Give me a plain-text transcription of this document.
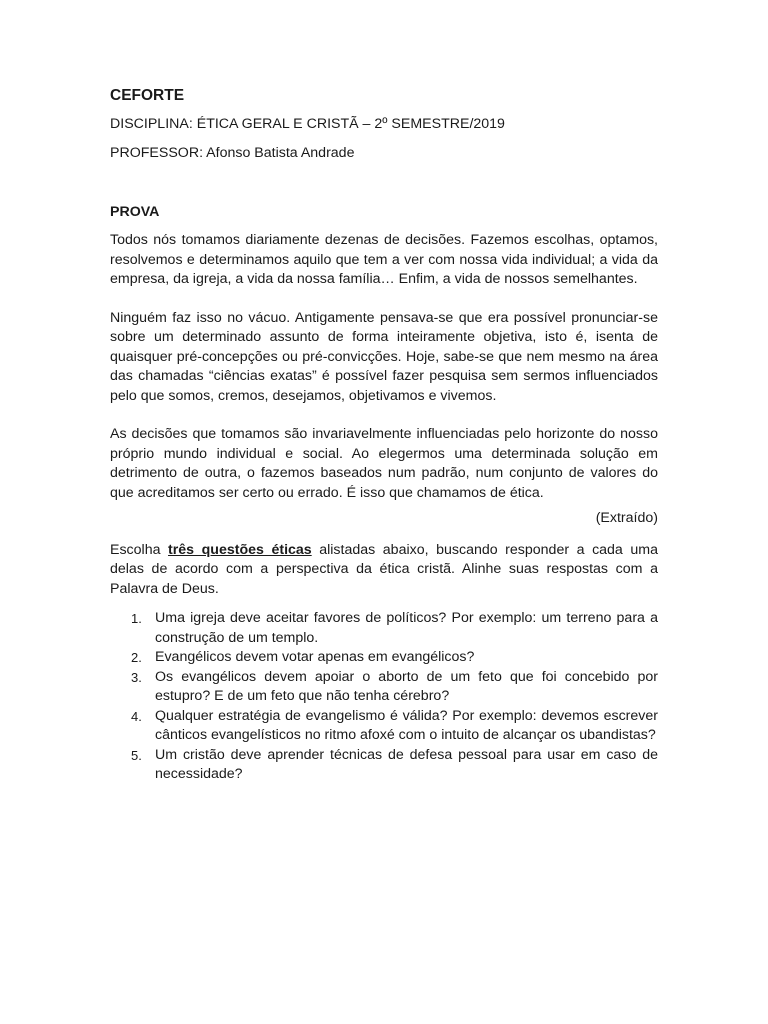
CEFORTE
DISCIPLINA: ÉTICA GERAL E CRISTÃ – 2º SEMESTRE/2019
PROFESSOR: Afonso Batista Andrade
PROVA

Todos nós tomamos diariamente dezenas de decisões. Fazemos escolhas, optamos, resolvemos e determinamos aquilo que tem a ver com nossa vida individual; a vida da empresa, da igreja, a vida da nossa família… Enfim, a vida de nossos semelhantes.

Ninguém faz isso no vácuo. Antigamente pensava-se que era possível pronunciar-se sobre um determinado assunto de forma inteiramente objetiva, isto é, isenta de quaisquer pré-concepções ou pré-convicções. Hoje, sabe-se que nem mesmo na área das chamadas “ciências exatas” é possível fazer pesquisa sem sermos influenciados pelo que somos, cremos, desejamos, objetivamos e vivemos.

As decisões que tomamos são invariavelmente influenciadas pelo horizonte do nosso próprio mundo individual e social. Ao elegermos uma determinada solução em detrimento de outra, o fazemos baseados num padrão, num conjunto de valores do que acreditamos ser certo ou errado. É isso que chamamos de ética.

(Extraído)

Escolha três questões éticas alistadas abaixo, buscando responder a cada uma delas de acordo com a perspectiva da ética cristã. Alinhe suas respostas com a Palavra de Deus.

1. Uma igreja deve aceitar favores de políticos? Por exemplo: um terreno para a construção de um templo.
2. Evangélicos devem votar apenas em evangélicos?
3. Os evangélicos devem apoiar o aborto de um feto que foi concebido por estupro? E de um feto que não tenha cérebro?
4. Qualquer estratégia de evangelismo é válida? Por exemplo: devemos escrever cânticos evangelísticos no ritmo afoxé com o intuito de alcançar os ubandistas?
5. Um cristão deve aprender técnicas de defesa pessoal para usar em caso de necessidade?
